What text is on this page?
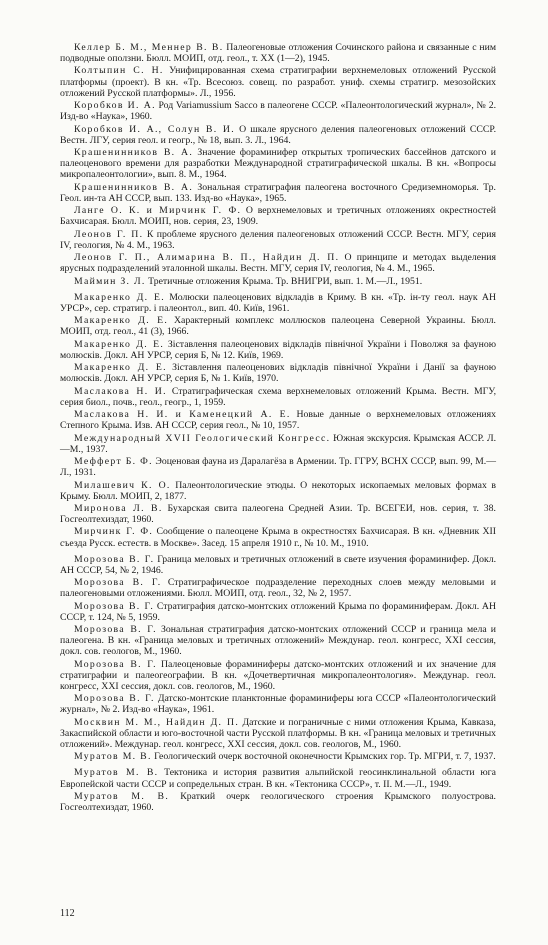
Келлер Б. М., Меннер В. В. Палеогеновые отложения Сочинского района и связанные с ним подводные оползни. Бюлл. МОИП, отд. геол., т. XX (1—2), 1945.

Колтыпин С. Н. Унифицированная схема стратиграфии верхнемеловых отложений Русской платформы (проект). В кн. «Тр. Всесоюз. совещ. по разработ. униф. схемы стратигр. мезозойских отложений Русской платформы». Л., 1956.

Коробков И. А. Род Variamussium Sacco в палеогене СССР. «Палеонтологический журнал», № 2. Изд-во «Наука», 1960.

Коробков И. А., Солун В. И. О шкале ярусного деления палеогеновых отложений СССР. Вестн. ЛГУ, серия геол. и геогр., № 18, вып. 3. Л., 1964.

Крашенинников В. А. Значение фораминифер открытых тропических бассейнов датского и палеоценового времени для разработки Международной стратиграфической шкалы. В кн. «Вопросы микропалеонтологии», вып. 8. М., 1964.

Крашенинников В. А. Зональная стратиграфия палеогена восточного Средиземноморья. Тр. Геол. ин-та АН СССР, вып. 133. Изд-во «Наука», 1965.

Ланге О. К. и Мирчинк Г. Ф. О верхнемеловых и третичных отложениях окрестностей Бахчисарая. Бюлл. МОИП, нов. серия, 23, 1909.

Леонов Г. П. К проблеме ярусного деления палеогеновых отложений СССР. Вестн. МГУ, серия IV, геология, № 4. М., 1963.

Леонов Г. П., Алимарина В. П., Найдин Д. П. О принципе и методах выделения ярусных подразделений эталонной шкалы. Вестн. МГУ, серия IV, геология, № 4. М., 1965.

Маймин З. Л. Третичные отложения Крыма. Тр. ВНИГРИ, вып. 1. М.—Л., 1951.

Макаренко Д. Е. Молюски палеоценових відкладів в Криму. В кн. «Тр. ін-ту геол. наук АН УРСР», сер. стратигр. і палеонтол., вип. 40. Київ, 1961.

Макаренко Д. Е. Характерный комплекс моллюсков палеоцена Северной Украины. Бюлл. МОИП, отд. геол., 41 (3), 1966.

Макаренко Д. Е. Зіставлення палеоценових відкладів північної України і Поволжя за фауною молюсків. Докл. АН УРСР, серия Б, № 12. Київ, 1969.

Макаренко Д. Е. Зіставлення палеоценових відкладів північної України і Данії за фауною молюсків. Докл. АН УРСР, серия Б, № 1. Київ, 1970.

Маслакова Н. И. Стратиграфическая схема верхнемеловых отложений Крыма. Вестн. МГУ, серия биол., почв., геол., геогр., 1, 1959.

Маслакова Н. И. и Каменецкий А. Е. Новые данные о верхнемеловых отложениях Степного Крыма. Изв. АН СССР, серия геол., № 10, 1957.

Международный XVII Геологический Конгресс. Южная экскурсия. Крымская АССР. Л.—М., 1937.

Мефферт Б. Ф. Эоценовая фауна из Даралагёза в Армении. Тр. ГГРУ, ВСНХ СССР, вып. 99, М.—Л., 1931.

Милашевич К. О. Палеонтологические этюды. О некоторых ископаемых меловых формах в Крыму. Бюлл. МОИП, 2, 1877.

Миронова Л. В. Бухарская свита палеогена Средней Азии. Тр. ВСЕГЕИ, нов. серия, т. 38. Госгеолтехиздат, 1960.

Мирчинк Г. Ф. Сообщение о палеоцене Крыма в окрестностях Бахчисарая. В кн. «Дневник XII съезда Русск. естеств. в Москве». Засед. 15 апреля 1910 г., № 10. М., 1910.

Морозова В. Г. Граница меловых и третичных отложений в свете изучения фораминифер. Докл. АН СССР, 54, № 2, 1946.

Морозова В. Г. Стратиграфическое подразделение переходных слоев между меловыми и палеогеновыми отложениями. Бюлл. МОИП, отд. геол., 32, № 2, 1957.

Морозова В. Г. Стратиграфия датско-монтских отложений Крыма по фораминиферам. Докл. АН СССР, т. 124, № 5, 1959.

Морозова В. Г. Зональная стратиграфия датско-монтских отложений СССР и граница мела и палеогена. В кн. «Граница меловых и третичных отложений» Междунар. геол. конгресс, XXI сессия, докл. сов. геологов, М., 1960.

Морозова В. Г. Палеоценовые фораминиферы датско-монтских отложений и их значение для стратиграфии и палеогеографии. В кн. «Дочетвертичная микропалеонтология». Междунар. геол. конгресс, XXI сессия, докл. сов. геологов, М., 1960.

Морозова В. Г. Датско-монтские планктонные фораминиферы юга СССР «Палеонтологический журнал», № 2. Изд-во «Наука», 1961.

Москвин М. М., Найдин Д. П. Датские и пограничные с ними отложения Крыма, Кавказа, Закаспийской области и юго-восточной части Русской платформы. В кн. «Граница меловых и третичных отложений». Междунар. геол. конгресс, XXI сессия, докл. сов. геологов, М., 1960.

Муратов М. В. Геологический очерк восточной оконечности Крымских гор. Тр. МГРИ, т. 7, 1937.

Муратов М. В. Тектоника и история развития альпийской геосинклинальной области юга Европейской части СССР и сопредельных стран. В кн. «Тектоника СССР», т. II. М.—Л., 1949.

Муратов М. В. Краткий очерк геологического строения Крымского полуострова. Госгеолтехиздат, 1960.

112
